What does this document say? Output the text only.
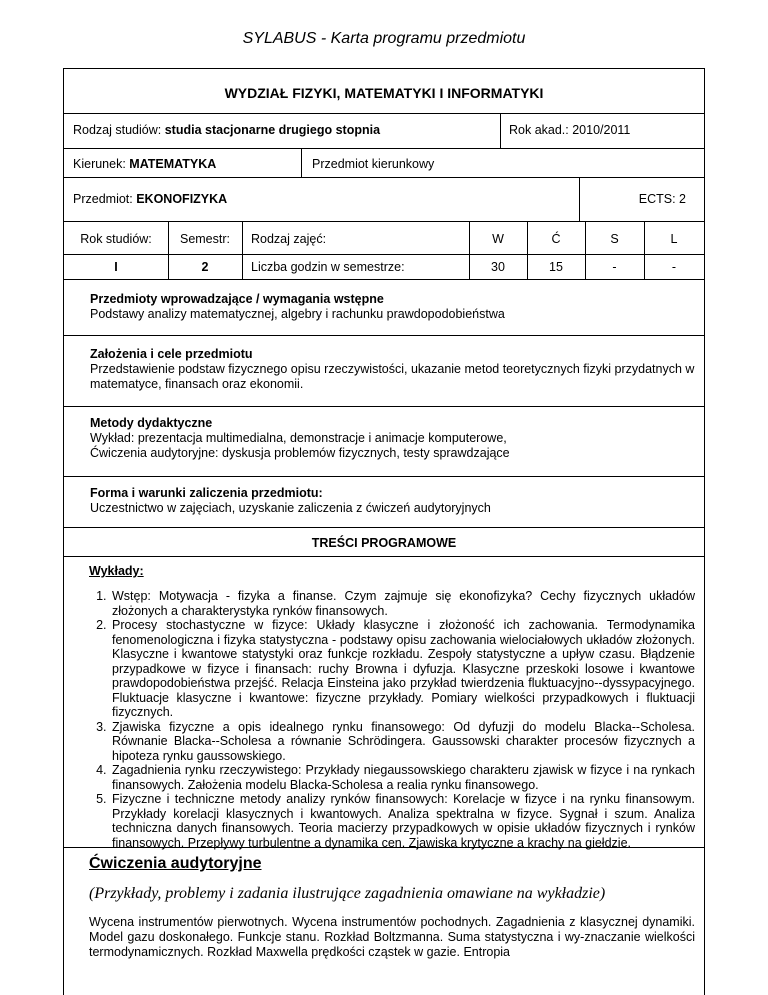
SYLABUS - Karta programu przedmiotu
WYDZIAŁ FIZYKI, MATEMATYKI I INFORMATYKI
Rodzaj studiów: studia stacjonarne drugiego stopnia	Rok akad.: 2010/2011
Kierunek: MATEMATYKA	Przedmiot kierunkowy
Przedmiot: EKONOFIZYKA	ECTS: 2
Rok studiów:	Semestr:	Rodzaj zajęć:	W	Ć	S	L
I	2	Liczba godzin w semestrze:	30	15	-	-
Przedmioty wprowadzające / wymagania wstępne
Podstawy analizy matematycznej, algebry i rachunku prawdopodobieństwa
Założenia i cele przedmiotu
Przedstawienie podstaw fizycznego opisu rzeczywistości, ukazanie metod teoretycznych fizyki przydatnych w matematyce, finansach oraz ekonomii.
Metody dydaktyczne
Wykład: prezentacja multimedialna, demonstracje i animacje komputerowe,
Ćwiczenia audytoryjne: dyskusja problemów fizycznych, testy sprawdzające
Forma i warunki zaliczenia przedmiotu:
Uczestnictwo w zajęciach, uzyskanie zaliczenia z ćwiczeń audytoryjnych
TREŚCI PROGRAMOWE
Wykłady:
1. Wstęp: Motywacja - fizyka a finanse. Czym zajmuje się ekonofizyka? Cechy fizycznych układów złożonych a charakterystyka rynków finansowych.
2. Procesy stochastyczne w fizyce: Układy klasyczne i złożoność ich zachowania. Termodynamika fenomenologiczna i fizyka statystyczna - podstawy opisu zachowania wielociałowych układów złożonych. Klasyczne i kwantowe statystyki oraz funkcje rozkładu. Zespoły statystyczne a upływ czasu. Błądzenie przypadkowe w fizyce i finansach: ruchy Browna i dyfuzja. Klasyczne przeskoki losowe i kwantowe prawdopodobieństwa przejść. Relacja Einsteina jako przykład twierdzenia fluktuacyjno--dyssypacyjnego. Fluktuacje klasyczne i kwantowe: fizyczne przykłady. Pomiary wielkości przypadkowych i fluktuacji fizycznych.
3. Zjawiska fizyczne a opis idealnego rynku finansowego: Od dyfuzji do modelu Blacka--Scholesa. Równanie Blacka--Scholesa a równanie Schrödingera. Gaussowski charakter procesów fizycznych a hipoteza rynku gaussowskiego.
4. Zagadnienia rynku rzeczywistego: Przykłady niegaussowskiego charakteru zjawisk w fizyce i na rynkach finansowych. Założenia modelu Blacka-Scholesa a realia rynku finansowego.
5. Fizyczne i techniczne metody analizy rynków finansowych: Korelacje w fizyce i na rynku finansowym. Przykłady korelacji klasycznych i kwantowych. Analiza spektralna w fizyce. Sygnał i szum. Analiza techniczna danych finansowych. Teoria macierzy przypadkowych w opisie układów fizycznych i rynków finansowych. Przepływy turbulentne a dynamika cen. Zjawiska krytyczne a krachy na giełdzie.
Ćwiczenia audytoryjne
(Przykłady, problemy i zadania ilustrujące zagadnienia omawiane na wykładzie)
Wycena instrumentów pierwotnych. Wycena instrumentów pochodnych. Zagadnienia z klasycznej dynamiki. Model gazu doskonałego. Funkcje stanu. Rozkład Boltzmanna. Suma statystyczna i wy-znaczanie wielkości termodynamicznych. Rozkład Maxwella prędkości cząstek w gazie. Entropia
